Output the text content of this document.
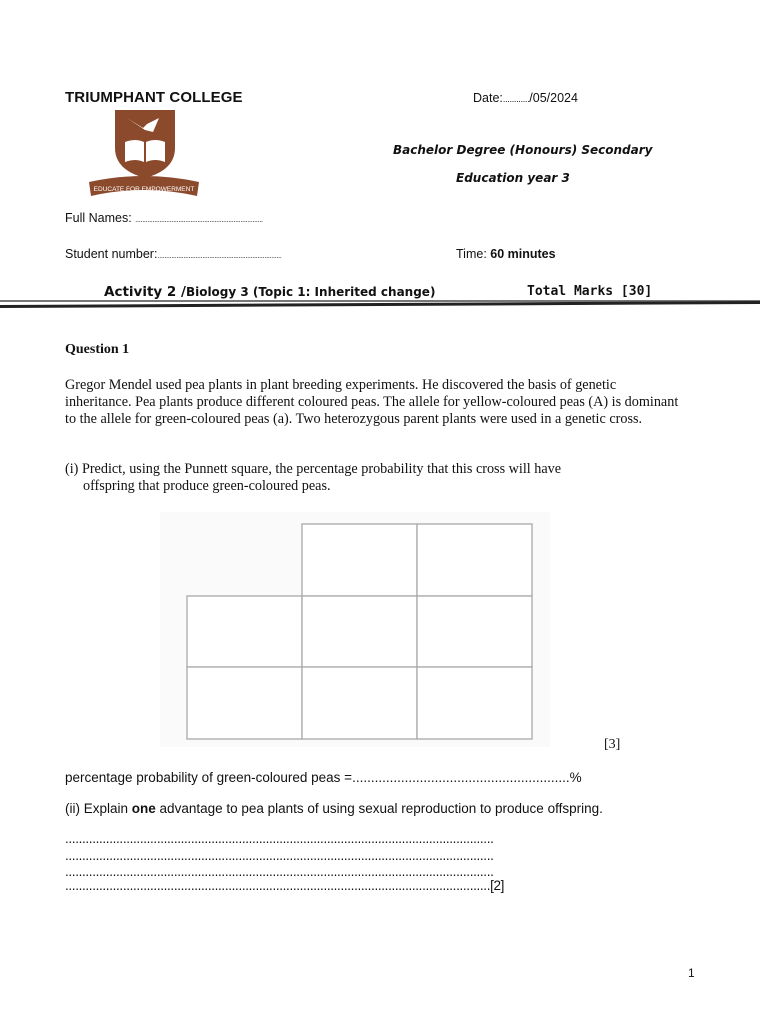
TRIUMPHANT COLLEGE	Date:............/05/2024
EDUCATE FOR EMPOWERMENT
Bachelor Degree (Honours) Secondary
Education year 3
Full Names: ..........................................................................
Student number:........................................................................	Time: 60 minutes
Activity 2 /Biology 3 (Topic 1: Inherited change)	Total Marks [30]
Question 1
Gregor Mendel used pea plants in plant breeding experiments. He discovered the basis of genetic inheritance. Pea plants produce different coloured peas. The allele for yellow-coloured peas (A) is dominant to the allele for green-coloured peas (a). Two heterozygous parent plants were used in a genetic cross.
(i) Predict, using the Punnett square, the percentage probability that this cross will have
offspring that produce green-coloured peas.
[3]
percentage probability of green-coloured peas =..........................................................%
(ii) Explain one advantage to pea plants of using sexual reproduction to produce offspring.
..............................................................................................................................
..............................................................................................................................
..............................................................................................................................
.............................................................................................................................[2]
1
